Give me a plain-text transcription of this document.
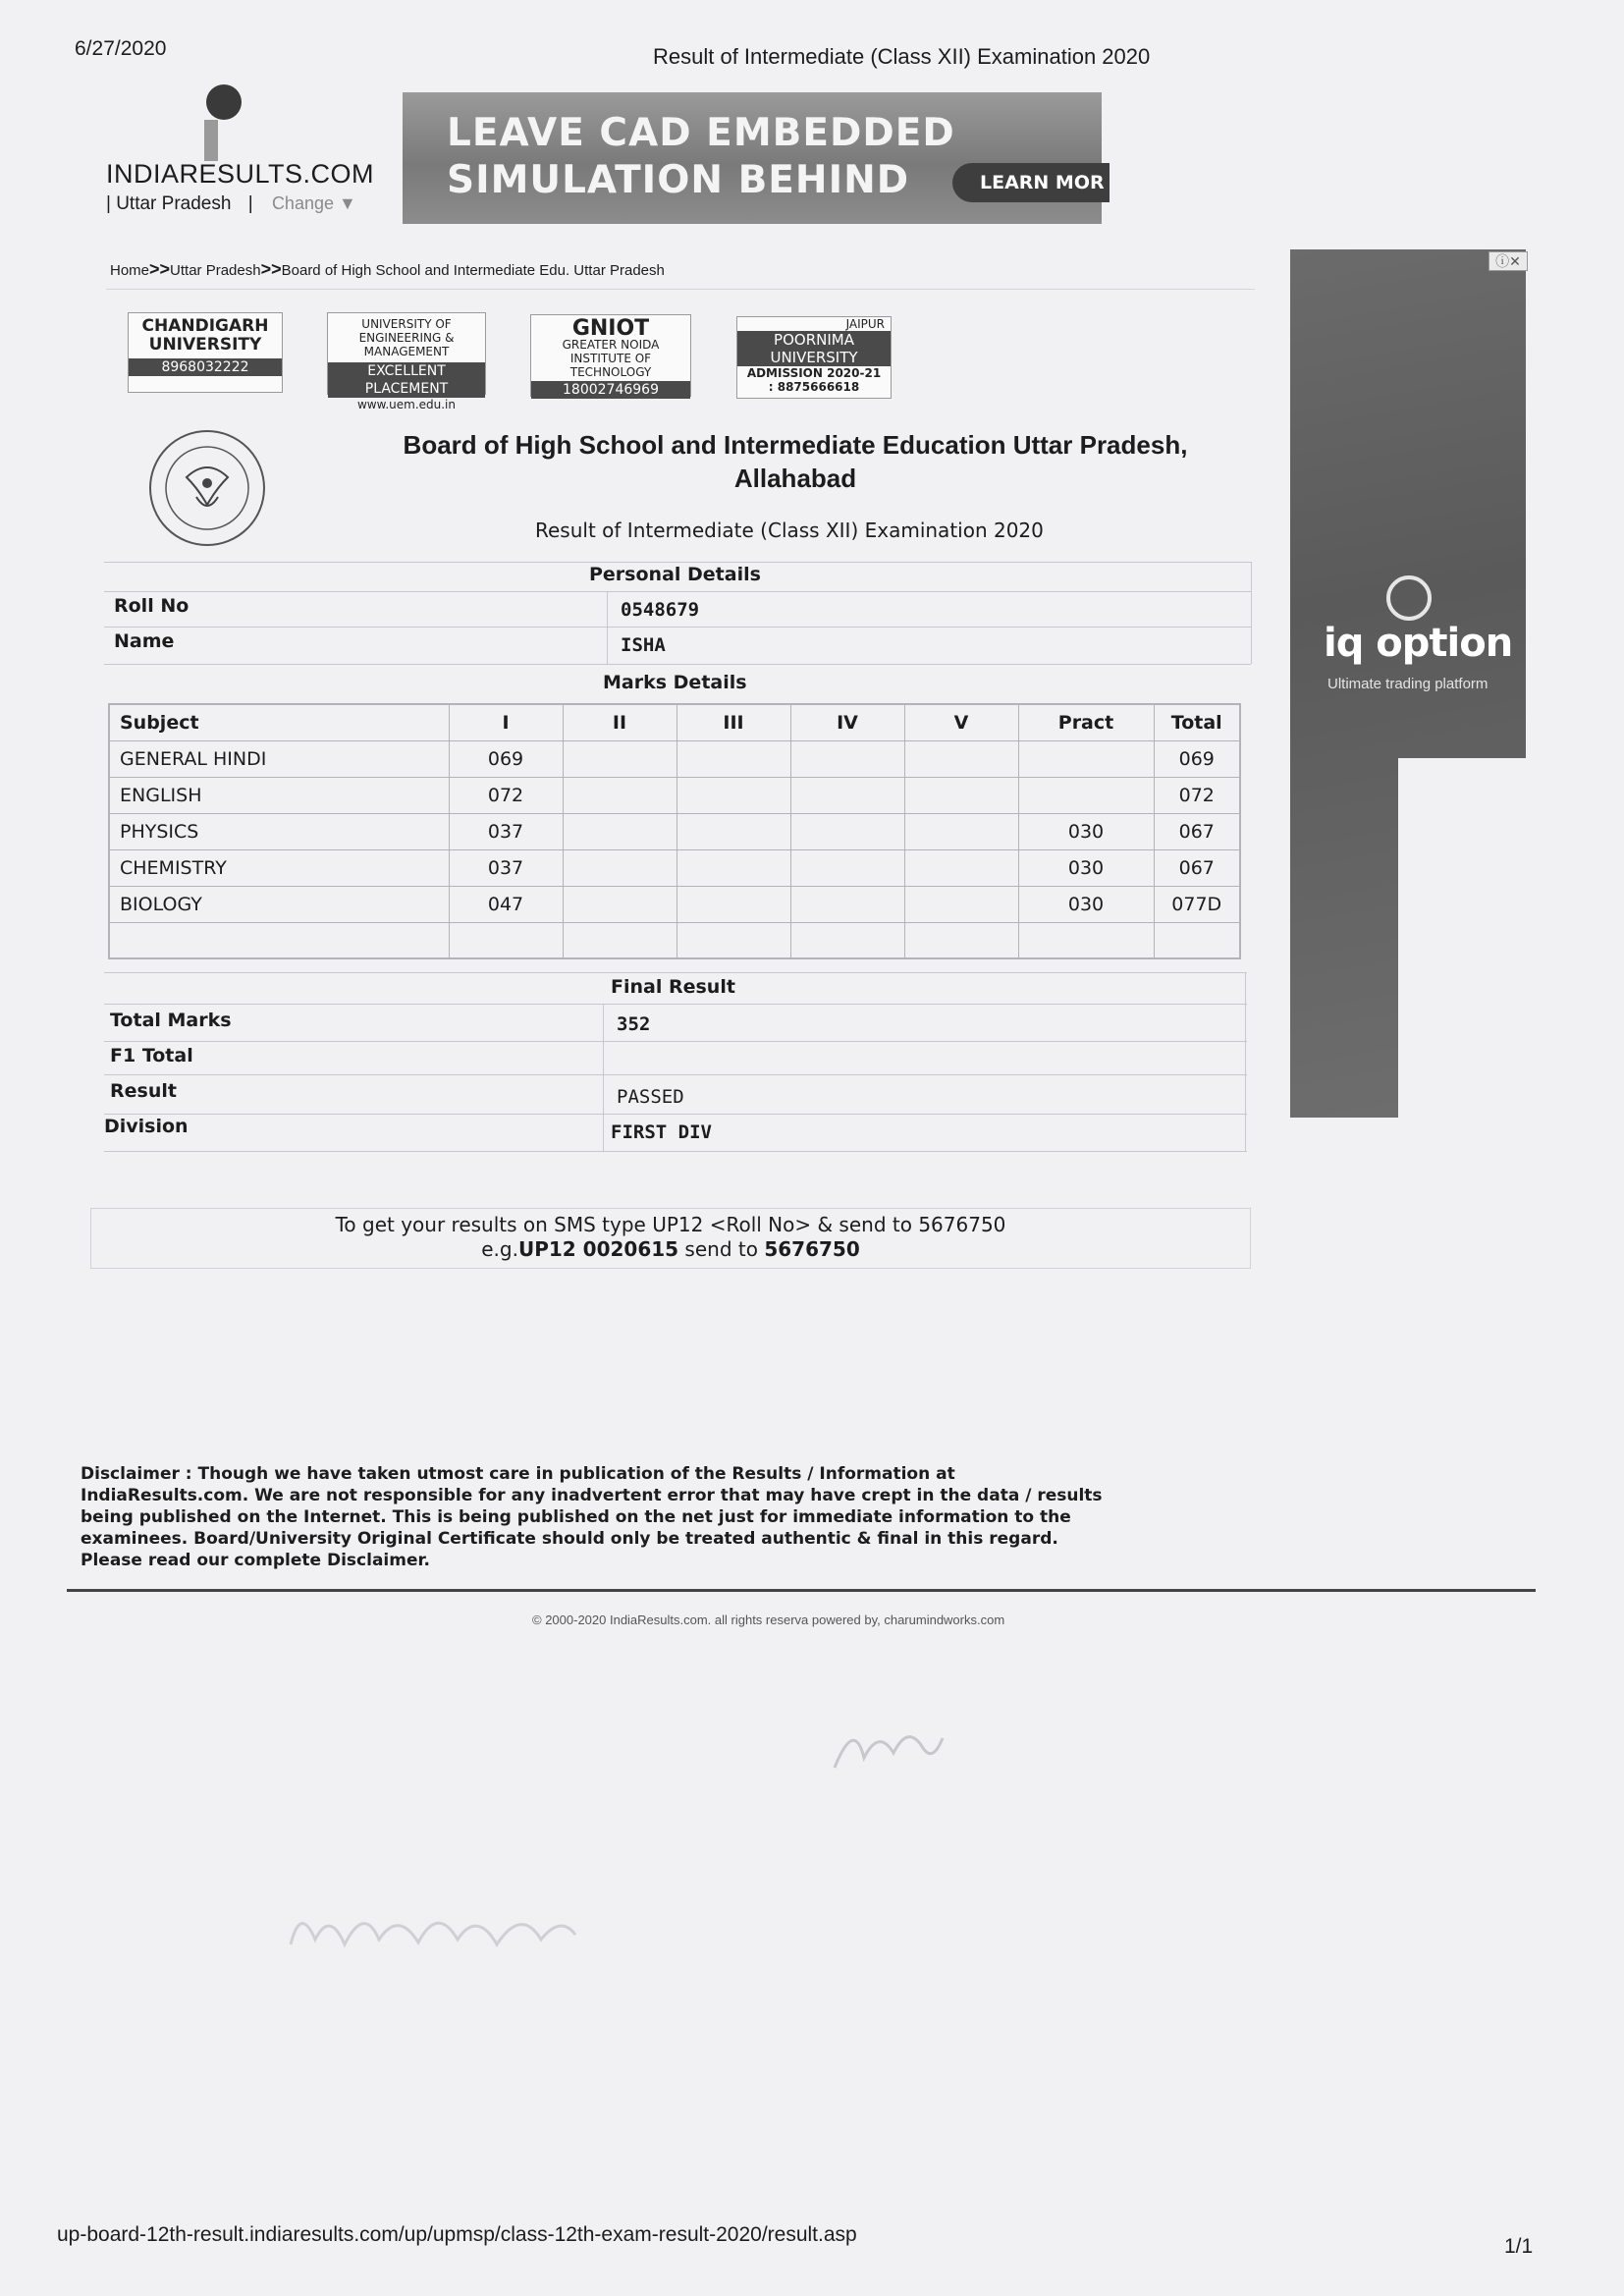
6/27/2020	Result of Intermediate (Class XII) Examination 2020
INDIARESULTS.COM
| Uttar Pradesh | Change ▼
LEAVE CAD EMBEDDED
SIMULATION BEHIND	LEARN MOR
Home>>Uttar Pradesh>>Board of High School and Intermediate Edu. Uttar Pradesh
CHANDIGARH UNIVERSITY
8968032222
UNIVERSITY OF ENGINEERING & MANAGEMENT
EXCELLENT PLACEMENT
www.uem.edu.in
GNIOT
GREATER NOIDA INSTITUTE OF TECHNOLOGY
18002746969
JAIPUR
POORNIMA UNIVERSITY
ADMISSION 2020-21
: 8875666618
ⓘ✕
iq option
Ultimate trading platform
Board of High School and Intermediate Education Uttar Pradesh, Allahabad
Result of Intermediate (Class XII) Examination 2020
Personal Details
Roll No	0548679
Name	ISHA
Marks Details
Subject	I	II	III	IV	V	Pract	Total
GENERAL HINDI	069						069
ENGLISH	072						072
PHYSICS	037					030	067
CHEMISTRY	037					030	067
BIOLOGY	047					030	077D

Final Result
Total Marks	352
F1 Total
Result	PASSED
Division	FIRST DIV
To get your results on SMS type UP12 <Roll No> & send to 5676750
e.g.UP12 0020615 send to 5676750
Disclaimer : Though we have taken utmost care in publication of the Results / Information at IndiaResults.com. We are not responsible for any inadvertent error that may have crept in the data / results being published on the Internet. This is being published on the net just for immediate information to the examinees. Board/University Original Certificate should only be treated authentic & final in this regard. Please read our complete Disclaimer.
© 2000-2020 IndiaResults.com. all rights reserva powered by, charumindworks.com
up-board-12th-result.indiaresults.com/up/upmsp/class-12th-exam-result-2020/result.asp
1/1
